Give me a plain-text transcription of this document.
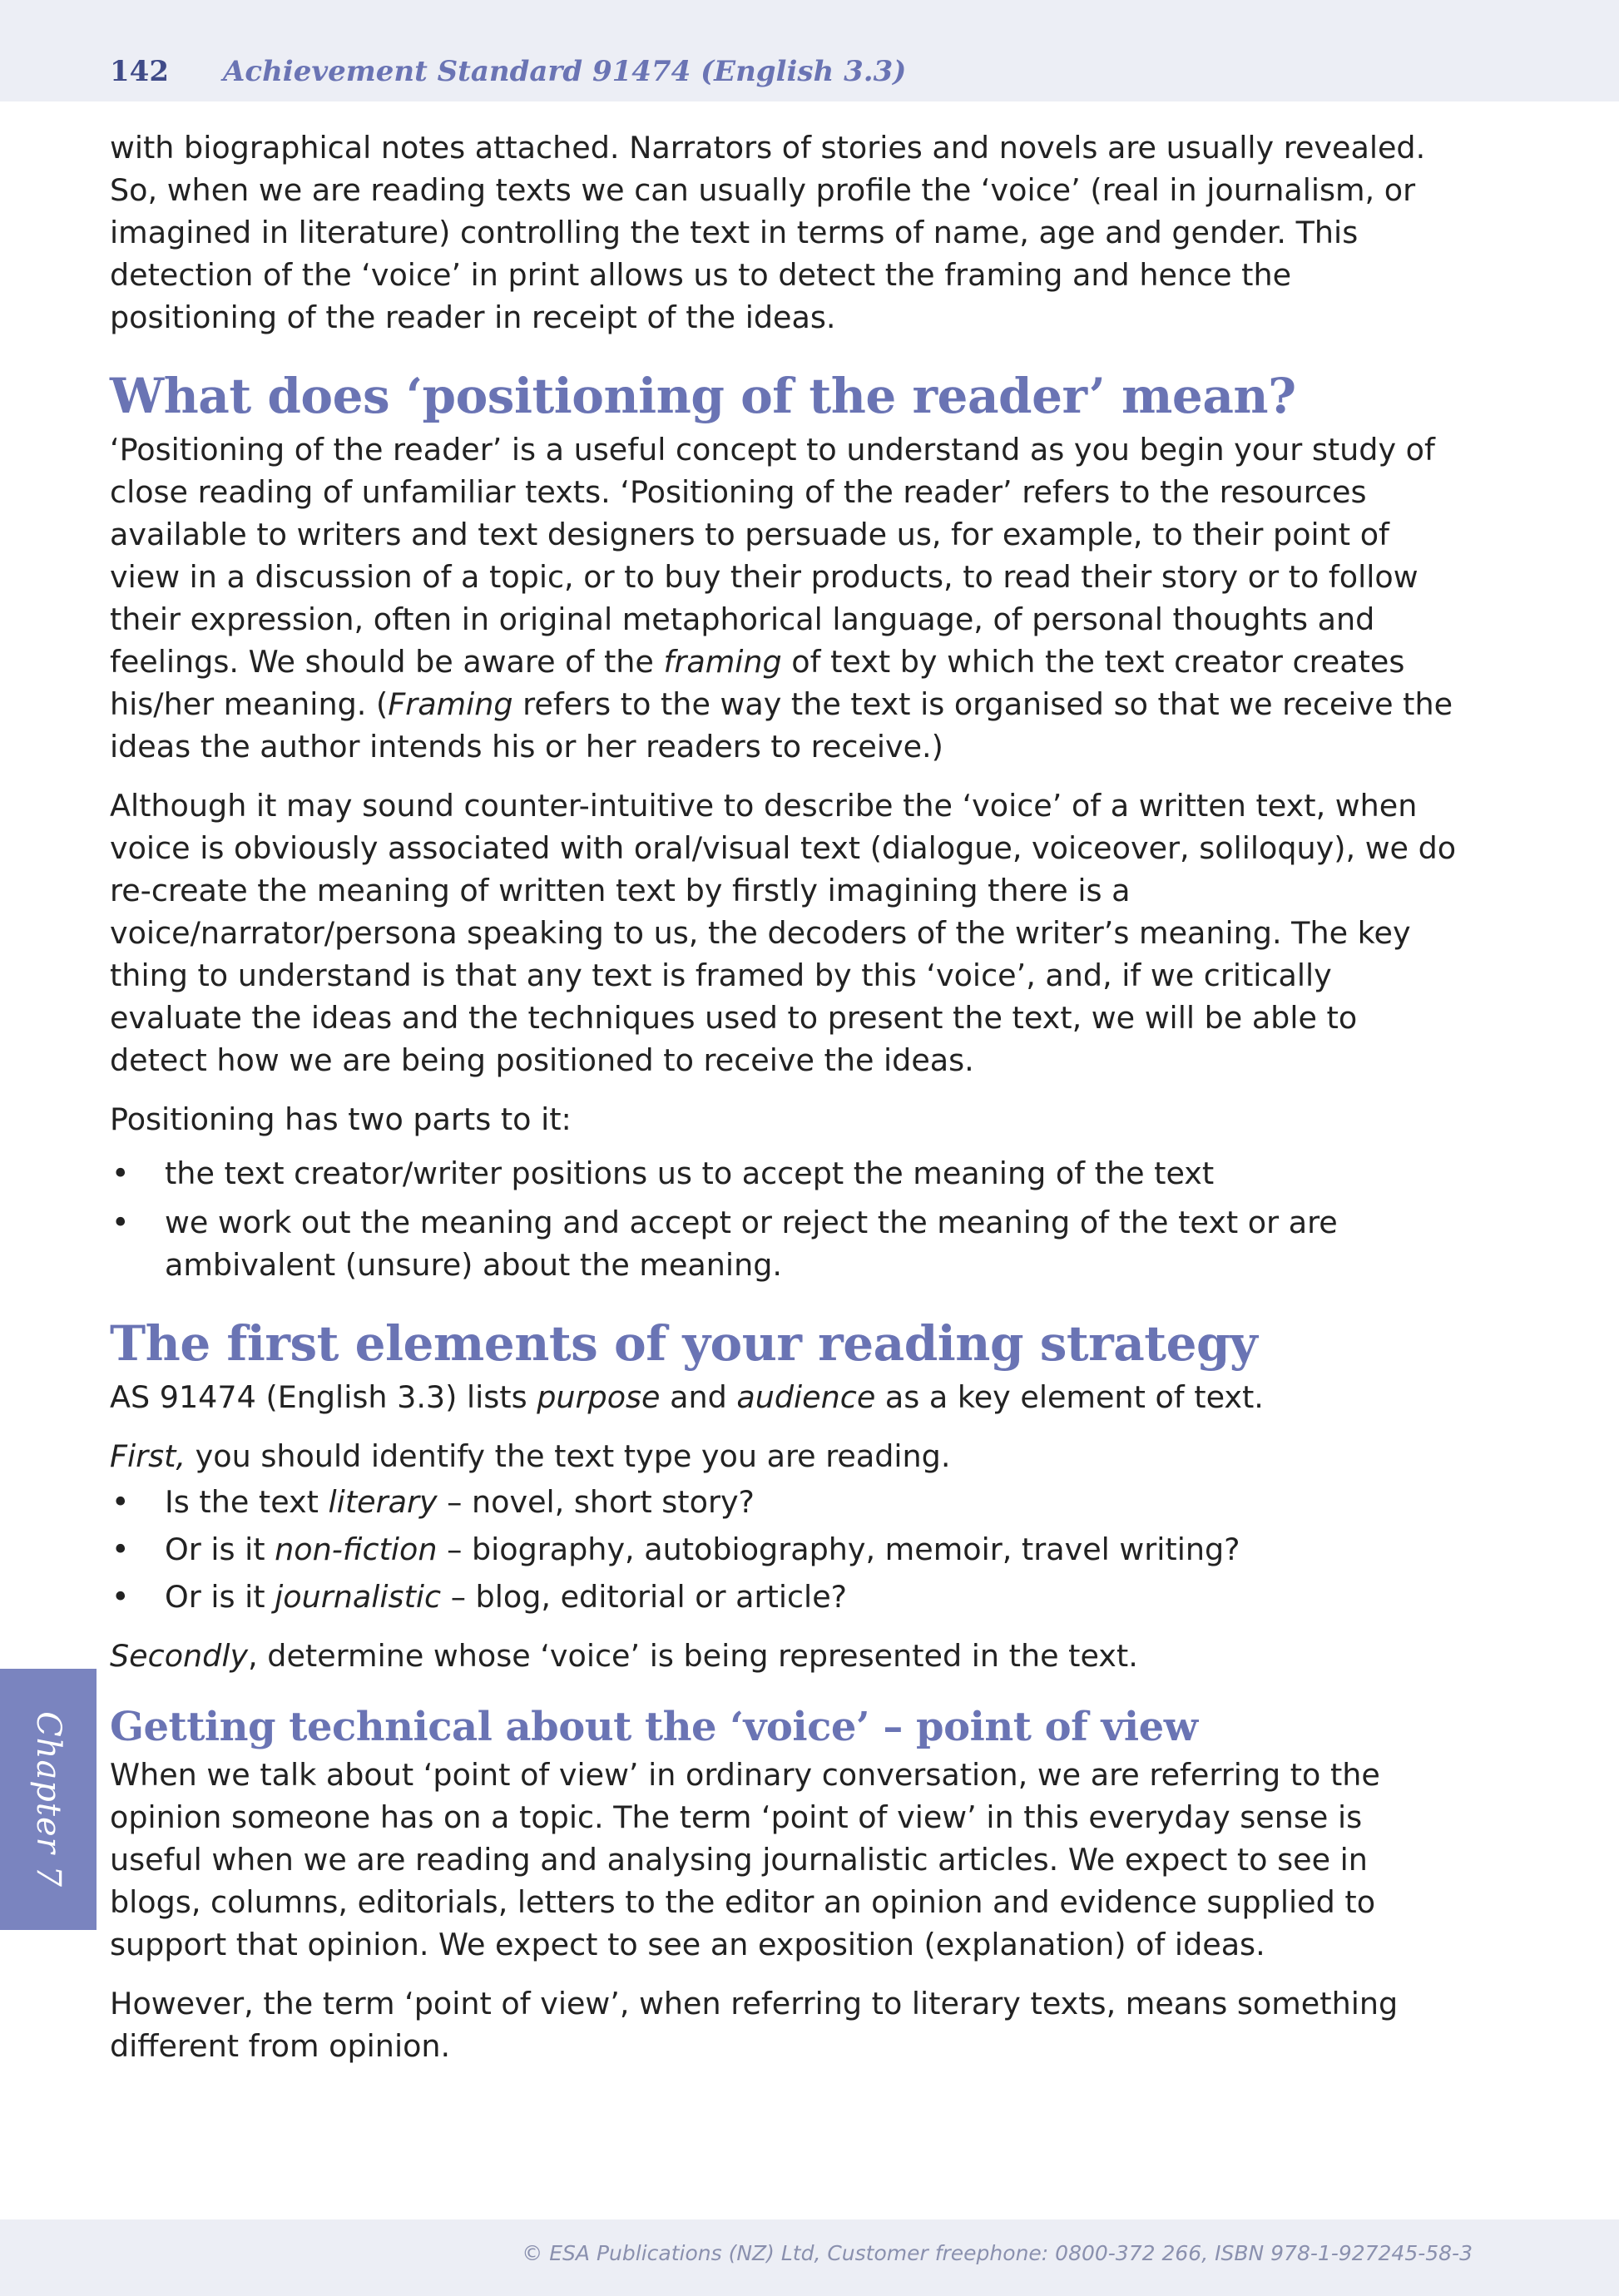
142 Achievement Standard 91474 (English 3.3)

with biographical notes attached. Narrators of stories and novels are usually revealed. So, when we are reading texts we can usually profile the ‘voice’ (real in journalism, or imagined in literature) controlling the text in terms of name, age and gender. This detection of the ‘voice’ in print allows us to detect the framing and hence the positioning of the reader in receipt of the ideas.

What does ‘positioning of the reader’ mean?

‘Positioning of the reader’ is a useful concept to understand as you begin your study of close reading of unfamiliar texts. ‘Positioning of the reader’ refers to the resources available to writers and text designers to persuade us, for example, to their point of view in a discussion of a topic, or to buy their products, to read their story or to follow their expression, often in original metaphorical language, of personal thoughts and feelings. We should be aware of the framing of text by which the text creator creates his/her meaning. (Framing refers to the way the text is organised so that we receive the ideas the author intends his or her readers to receive.)

Although it may sound counter-intuitive to describe the ‘voice’ of a written text, when voice is obviously associated with oral/visual text (dialogue, voiceover, soliloquy), we do re-create the meaning of written text by firstly imagining there is a voice/narrator/persona speaking to us, the decoders of the writer’s meaning. The key thing to understand is that any text is framed by this ‘voice’, and, if we critically evaluate the ideas and the techniques used to present the text, we will be able to detect how we are being positioned to receive the ideas.

Positioning has two parts to it:

• the text creator/writer positions us to accept the meaning of the text
• we work out the meaning and accept or reject the meaning of the text or are ambivalent (unsure) about the meaning.
The first elements of your reading strategy

AS 91474 (English 3.3) lists purpose and audience as a key element of text.

First, you should identify the text type you are reading.

• Is the text literary – novel, short story?
• Or is it non-fiction – biography, autobiography, memoir, travel writing?
• Or is it journalistic – blog, editorial or article?

Secondly, determine whose ‘voice’ is being represented in the text.

Getting technical about the ‘voice’ – point of view

When we talk about ‘point of view’ in ordinary conversation, we are referring to the opinion someone has on a topic. The term ‘point of view’ in this everyday sense is useful when we are reading and analysing journalistic articles. We expect to see in blogs, columns, editorials, letters to the editor an opinion and evidence supplied to support that opinion. We expect to see an exposition (explanation) of ideas.

However, the term ‘point of view’, when referring to literary texts, means something different from opinion.

Chapter 7
© ESA Publications (NZ) Ltd, Customer freephone: 0800-372 266, ISBN 978-1-927245-58-3
